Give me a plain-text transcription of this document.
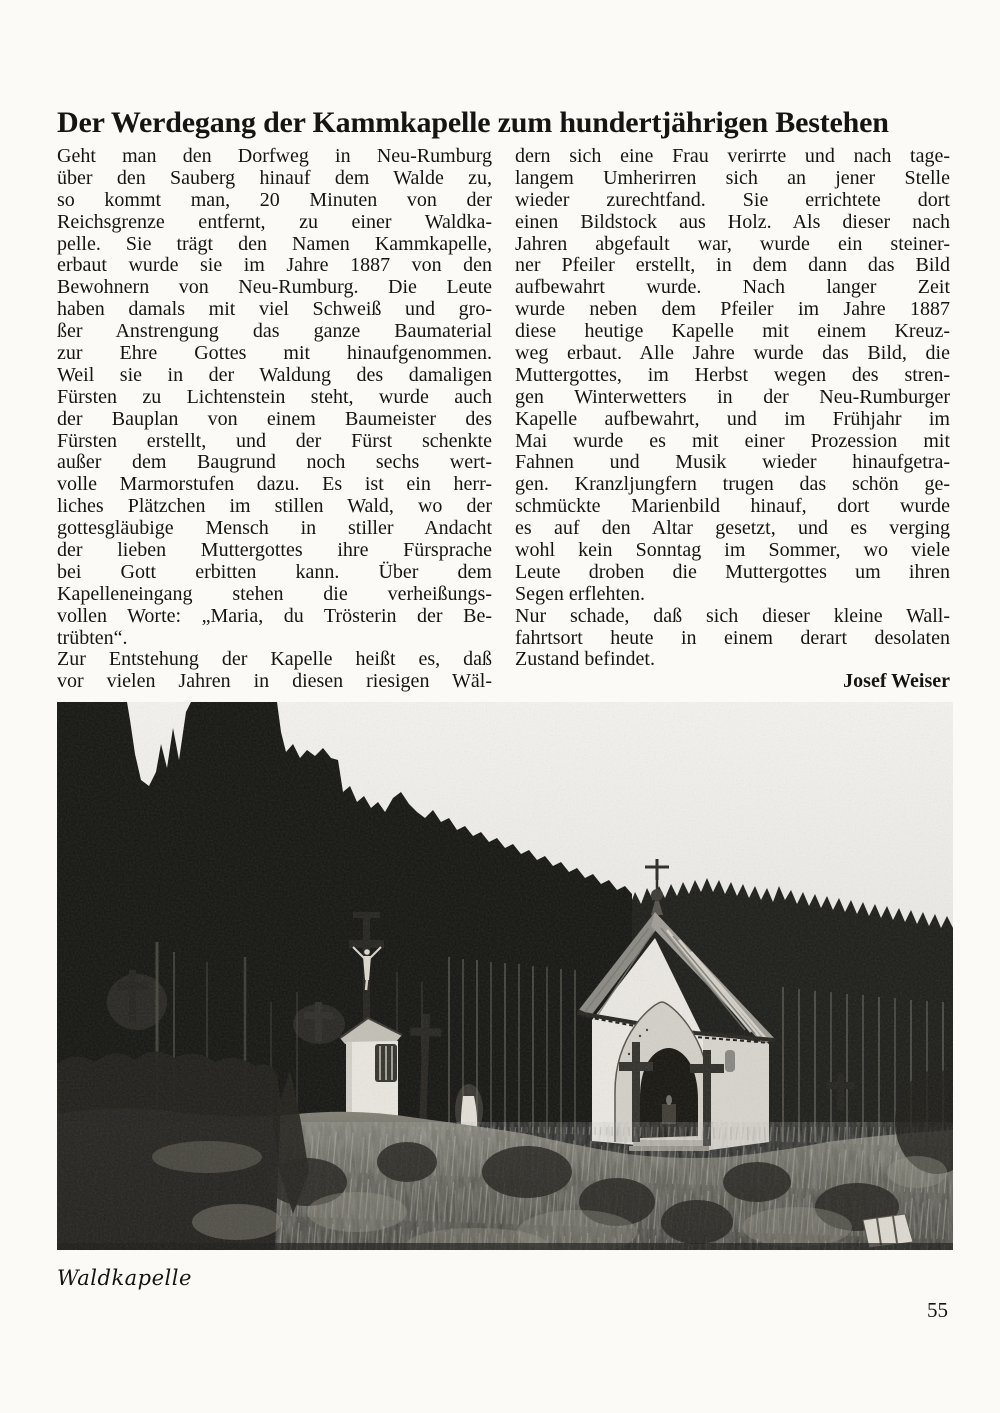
Der Werdegang der Kammkapelle zum hundertjährigen Bestehen
Geht man den Dorfweg in Neu-Rumburg
über den Sauberg hinauf dem Walde zu,
so kommt man, 20 Minuten von der
Reichsgrenze entfernt, zu einer Waldka-
pelle. Sie trägt den Namen Kammkapelle,
erbaut wurde sie im Jahre 1887 von den
Bewohnern von Neu-Rumburg. Die Leute
haben damals mit viel Schweiß und gro-
ßer Anstrengung das ganze Baumaterial
zur Ehre Gottes mit hinaufgenommen.
Weil sie in der Waldung des damaligen
Fürsten zu Lichtenstein steht, wurde auch
der Bauplan von einem Baumeister des
Fürsten erstellt, und der Fürst schenkte
außer dem Baugrund noch sechs wert-
volle Marmorstufen dazu. Es ist ein herr-
liches Plätzchen im stillen Wald, wo der
gottesgläubige Mensch in stiller Andacht
der lieben Muttergottes ihre Fürsprache
bei Gott erbitten kann. Über dem
Kapelleneingang stehen die verheißungs-
vollen Worte: „Maria, du Trösterin der Be-
trübten“.
Zur Entstehung der Kapelle heißt es, daß
vor vielen Jahren in diesen riesigen Wäl-
dern sich eine Frau verirrte und nach tage-
langem Umherirren sich an jener Stelle
wieder zurechtfand. Sie errichtete dort
einen Bildstock aus Holz. Als dieser nach
Jahren abgefault war, wurde ein steiner-
ner Pfeiler erstellt, in dem dann das Bild
aufbewahrt wurde. Nach langer Zeit
wurde neben dem Pfeiler im Jahre 1887
diese heutige Kapelle mit einem Kreuz-
weg erbaut. Alle Jahre wurde das Bild, die
Muttergottes, im Herbst wegen des stren-
gen Winterwetters in der Neu-Rumburger
Kapelle aufbewahrt, und im Frühjahr im
Mai wurde es mit einer Prozession mit
Fahnen und Musik wieder hinaufgetra-
gen. Kranzljungfern trugen das schön ge-
schmückte Marienbild hinauf, dort wurde
es auf den Altar gesetzt, und es verging
wohl kein Sonntag im Sommer, wo viele
Leute droben die Muttergottes um ihren
Segen erflehten.
Nur schade, daß sich dieser kleine Wall-
fahrtsort heute in einem derart desolaten
Zustand befindet.
Josef Weiser
Waldkapelle
55
